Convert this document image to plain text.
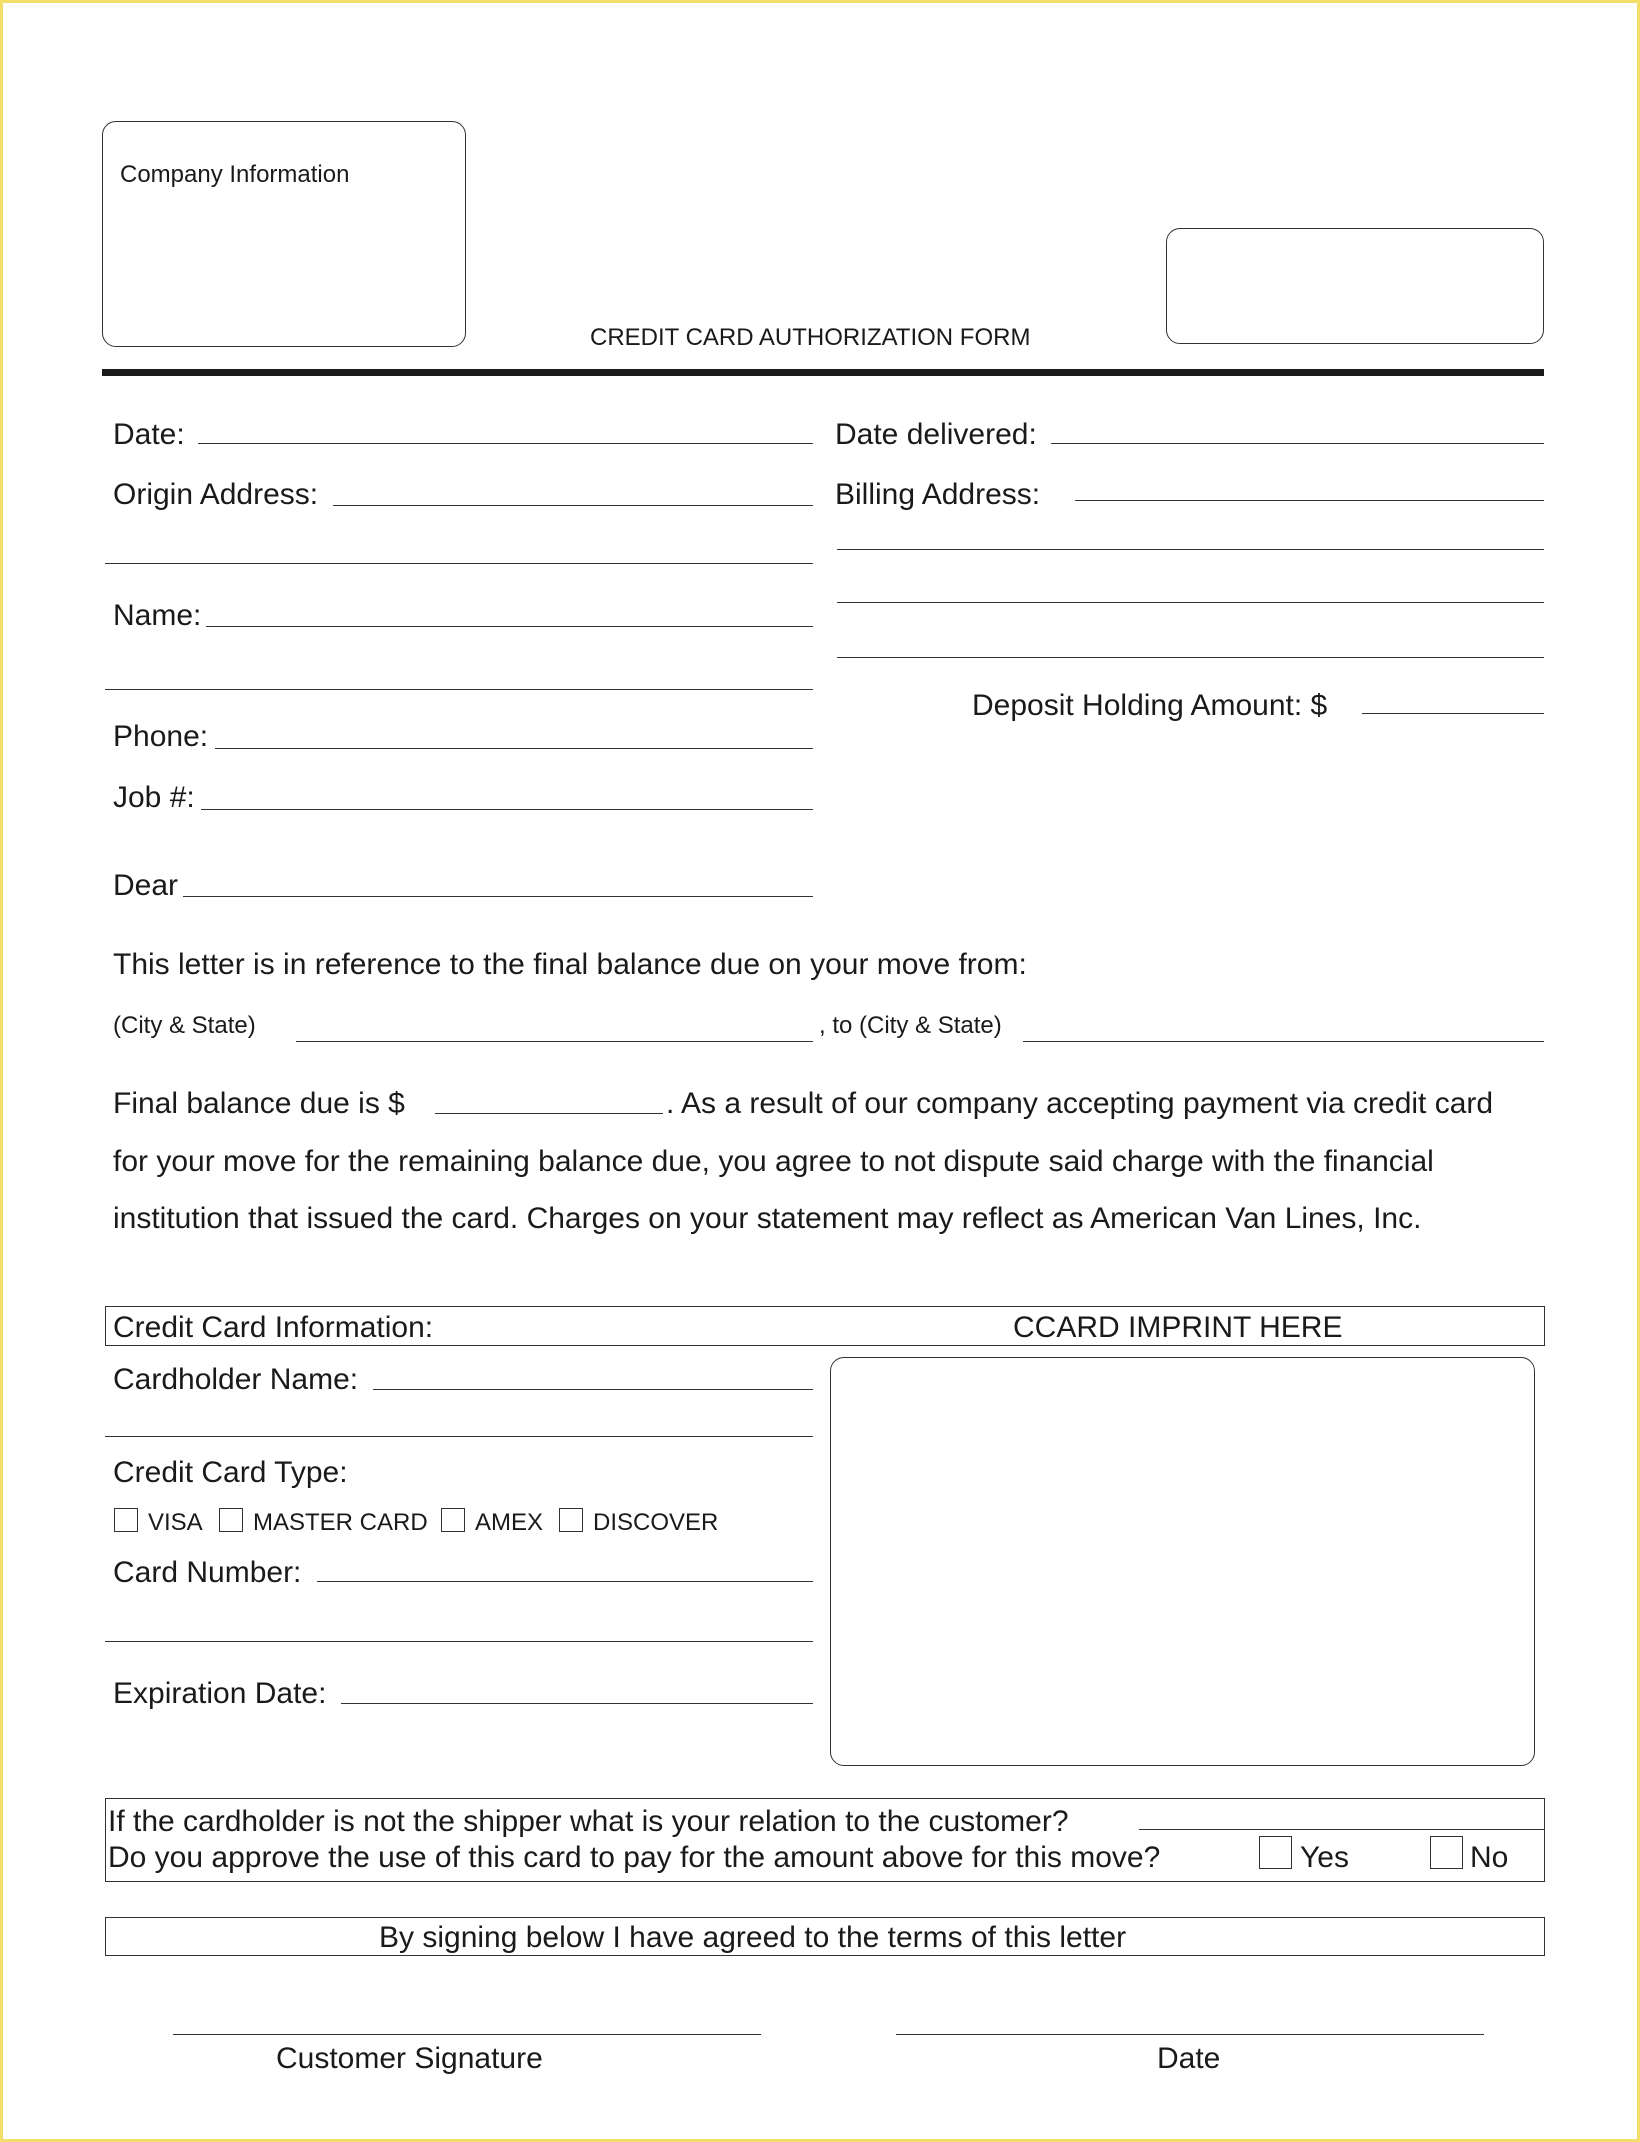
Company Information
CREDIT CARD AUTHORIZATION FORM
Date:
Origin Address:
Name:
Phone:
Job #:
Dear
Date delivered:
Billing Address:
Deposit Holding Amount: $
This letter is in reference to the final balance due on your move from:
(City & State)	, to (City & State)
Final balance due is $	. As a result of our company accepting payment via credit card
for your move for the remaining balance due, you agree to not dispute said charge with the financial
institution that issued the card. Charges on your statement may reflect as American Van Lines, Inc.
Credit Card Information:	CCARD IMPRINT HERE
Cardholder Name:
Credit Card Type:
VISA MASTER CARD AMEX DISCOVER
Card Number:
Expiration Date:
If the cardholder is not the shipper what is your relation to the customer?
Do you approve the use of this card to pay for the amount above for this move?	Yes	No
By signing below I have agreed to the terms of this letter
Customer Signature	Date
